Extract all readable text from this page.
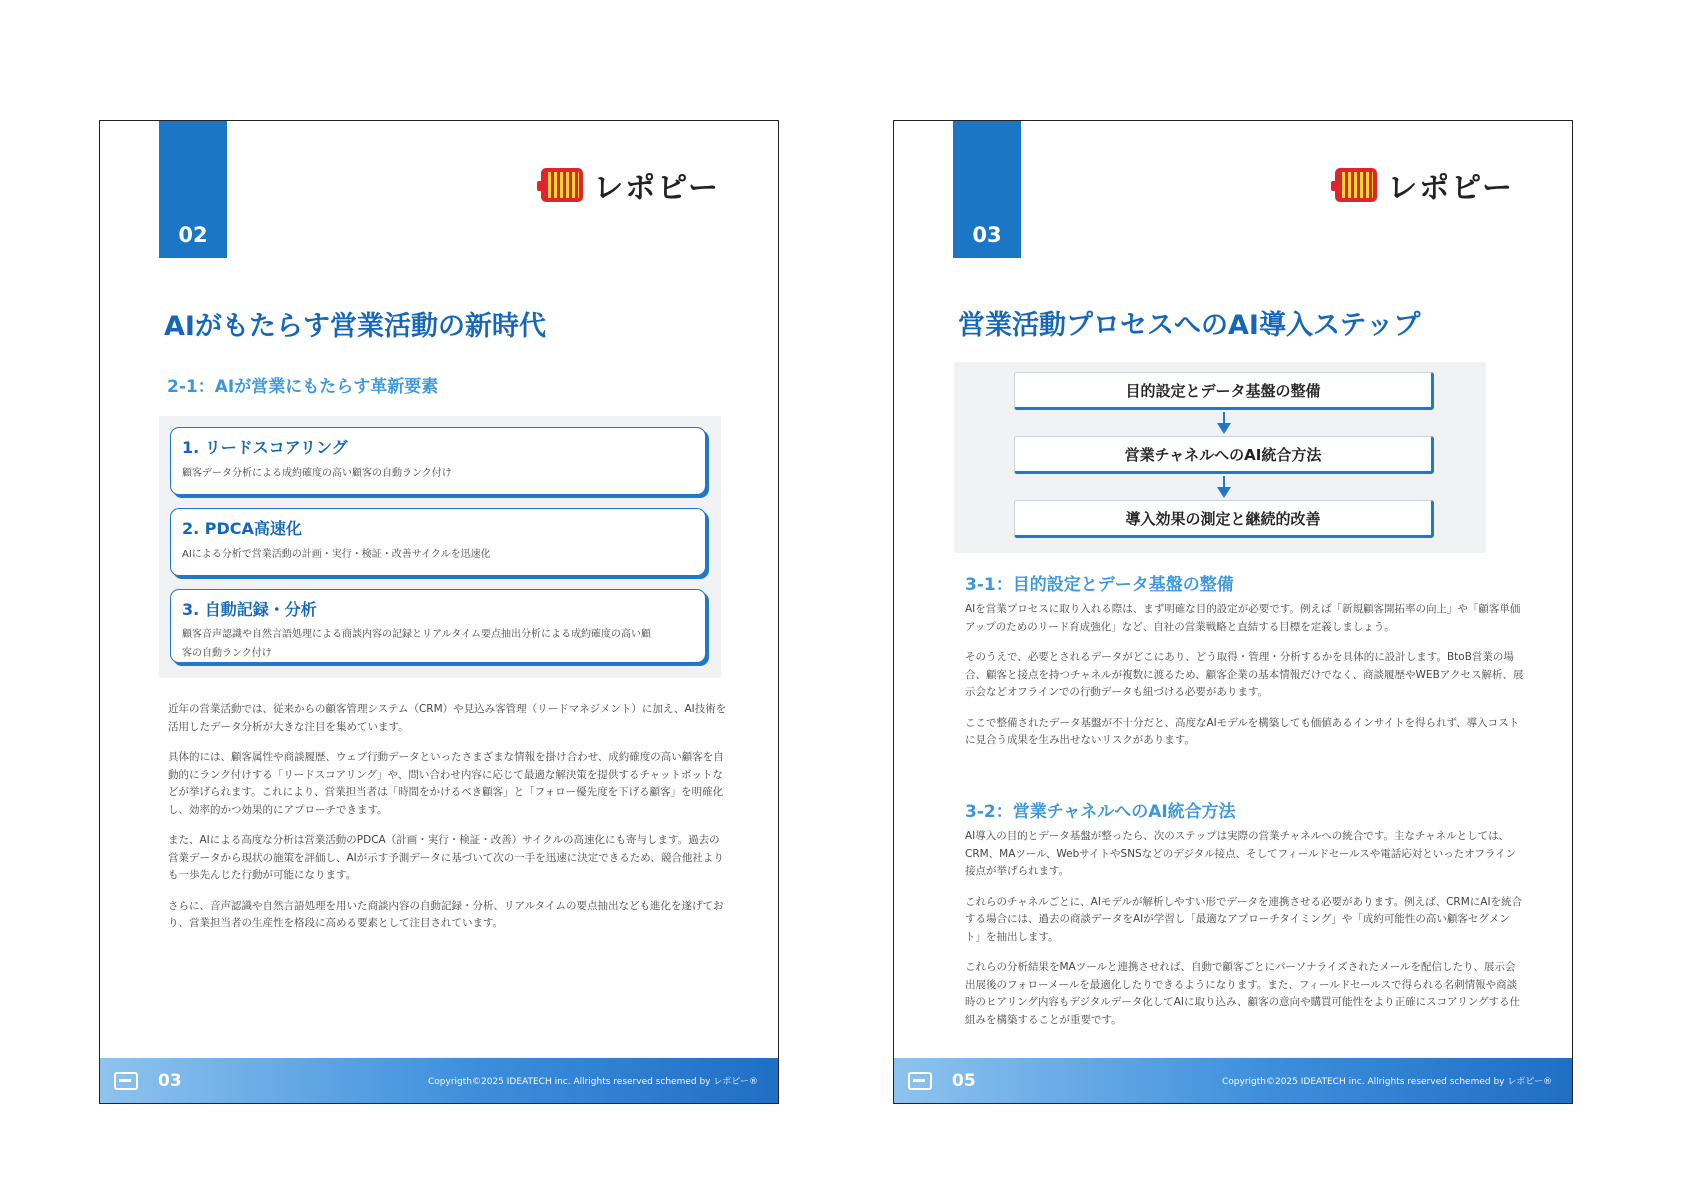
02
レポピー
AIがもたらす営業活動の新時代
2-1：AIが営業にもたらす革新要素
1. リードスコアリング
顧客データ分析による成約確度の高い顧客の自動ランク付け
2. PDCA高速化
AIによる分析で営業活動の計画・実行・検証・改善サイクルを迅速化
3. 自動記録・分析
顧客音声認識や自然言語処理による商談内容の記録とリアルタイム要点抽出分析による成約確度の高い顧客の自動ランク付け

近年の営業活動では、従来からの顧客管理システム（CRM）や見込み客管理（リードマネジメント）に加え、AI技術を活用したデータ分析が大きな注目を集めています。

具体的には、顧客属性や商談履歴、ウェブ行動データといったさまざまな情報を掛け合わせ、成約確度の高い顧客を自動的にランク付けする「リードスコアリング」や、問い合わせ内容に応じて最適な解決策を提供するチャットボットなどが挙げられます。これにより、営業担当者は「時間をかけるべき顧客」と「フォロー優先度を下げる顧客」を明確化し、効率的かつ効果的にアプローチできます。

また、AIによる高度な分析は営業活動のPDCA（計画・実行・検証・改善）サイクルの高速化にも寄与します。過去の営業データから現状の施策を評価し、AIが示す予測データに基づいて次の一手を迅速に決定できるため、競合他社よりも一歩先んじた行動が可能になります。

さらに、音声認識や自然言語処理を用いた商談内容の自動記録・分析、リアルタイムの要点抽出なども進化を遂げており、営業担当者の生産性を格段に高める要素として注目されています。

03	Copyrigth©2025 IDEATECH inc. Allrights reserved schemed by レポピー®
03
レポピー
営業活動プロセスへのAI導入ステップ
目的設定とデータ基盤の整備
営業チャネルへのAI統合方法
導入効果の測定と継続的改善
3-1：目的設定とデータ基盤の整備

AIを営業プロセスに取り入れる際は、まず明確な目的設定が必要です。例えば「新規顧客開拓率の向上」や「顧客単価アップのためのリード育成強化」など、自社の営業戦略と直結する目標を定義しましょう。

そのうえで、必要とされるデータがどこにあり、どう取得・管理・分析するかを具体的に設計します。BtoB営業の場合、顧客と接点を持つチャネルが複数に渡るため、顧客企業の基本情報だけでなく、商談履歴やWEBアクセス解析、展示会などオフラインでの行動データも紐づける必要があります。

ここで整備されたデータ基盤が不十分だと、高度なAIモデルを構築しても価値あるインサイトを得られず、導入コストに見合う成果を生み出せないリスクがあります。

3-2：営業チャネルへのAI統合方法

AI導入の目的とデータ基盤が整ったら、次のステップは実際の営業チャネルへの統合です。主なチャネルとしては、CRM、MAツール、WebサイトやSNSなどのデジタル接点、そしてフィールドセールスや電話応対といったオフライン接点が挙げられます。

これらのチャネルごとに、AIモデルが解析しやすい形でデータを連携させる必要があります。例えば、CRMにAIを統合する場合には、過去の商談データをAIが学習し「最適なアプローチタイミング」や「成約可能性の高い顧客セグメント」を抽出します。

これらの分析結果をMAツールと連携させれば、自動で顧客ごとにパーソナライズされたメールを配信したり、展示会出展後のフォローメールを最適化したりできるようになります。また、フィールドセールスで得られる名刺情報や商談時のヒアリング内容もデジタルデータ化してAIに取り込み、顧客の意向や購買可能性をより正確にスコアリングする仕組みを構築することが重要です。

05	Copyrigth©2025 IDEATECH inc. Allrights reserved schemed by レポピー®
